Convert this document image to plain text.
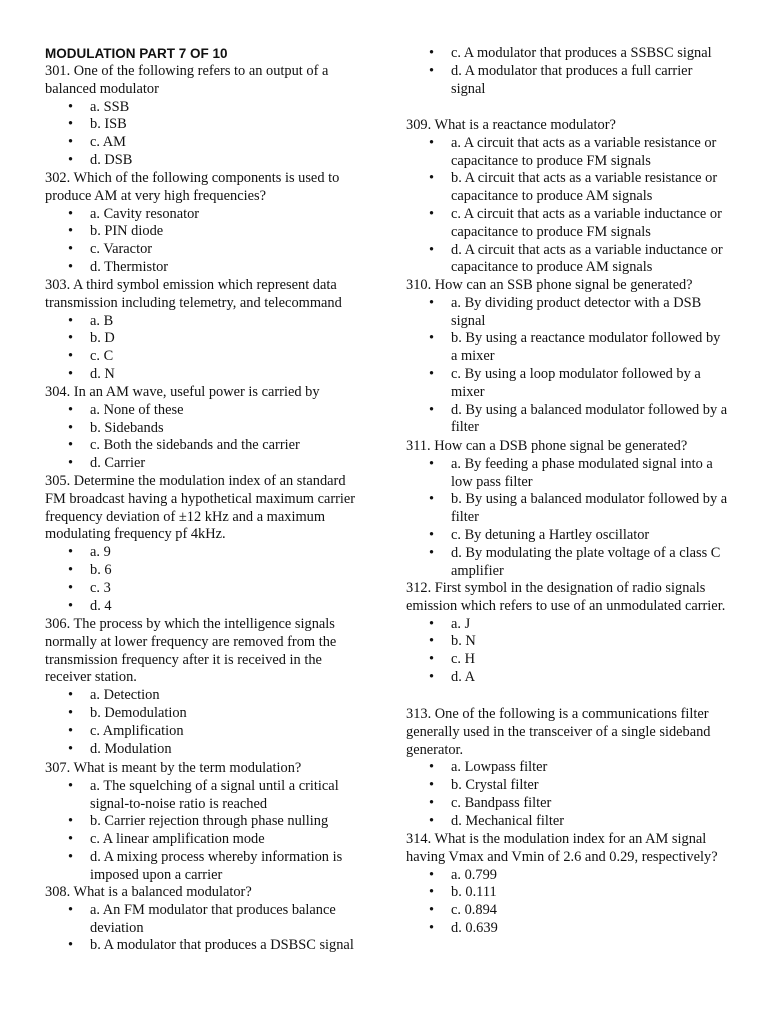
MODULATION PART 7 OF 10
301. One of the following refers to an output of a balanced modulator
• a. SSB
• b. ISB
• c. AM
• d. DSB
302. Which of the following components is used to produce AM at very high frequencies?
• a. Cavity resonator
• b. PIN diode
• c. Varactor
• d. Thermistor
303. A third symbol emission which represent data transmission including telemetry, and telecommand
• a. B
• b. D
• c. C
• d. N
304. In an AM wave, useful power is carried by
• a. None of these
• b. Sidebands
• c. Both the sidebands and the carrier
• d. Carrier
305. Determine the modulation index of an standard FM broadcast having a hypothetical maximum carrier frequency deviation of ±12 kHz and a maximum modulating frequency pf 4kHz.
• a. 9
• b. 6
• c. 3
• d. 4
306. The process by which the intelligence signals normally at lower frequency are removed from the transmission frequency after it is received in the receiver station.
• a. Detection
• b. Demodulation
• c. Amplification
• d. Modulation
307. What is meant by the term modulation?
• a. The squelching of a signal until a critical signal-to-noise ratio is reached
• b. Carrier rejection through phase nulling
• c. A linear amplification mode
• d. A mixing process whereby information is imposed upon a carrier
308. What is a balanced modulator?
• a. An FM modulator that produces balance deviation
• b. A modulator that produces a DSBSC signal
• c. A modulator that produces a SSBSC signal
• d. A modulator that produces a full carrier signal
309. What is a reactance modulator?
• a. A circuit that acts as a variable resistance or capacitance to produce FM signals
• b. A circuit that acts as a variable resistance or capacitance to produce AM signals
• c. A circuit that acts as a variable inductance or capacitance to produce FM signals
• d. A circuit that acts as a variable inductance or capacitance to produce AM signals
310. How can an SSB phone signal be generated?
• a. By dividing product detector with a DSB signal
• b. By using a reactance modulator followed by a mixer
• c. By using a loop modulator followed by a mixer
• d. By using a balanced modulator followed by a filter
311. How can a DSB phone signal be generated?
• a. By feeding a phase modulated signal into a low pass filter
• b. By using a balanced modulator followed by a filter
• c. By detuning a Hartley oscillator
• d. By modulating the plate voltage of a class C amplifier
312. First symbol in the designation of radio signals emission which refers to use of an unmodulated carrier.
• a. J
• b. N
• c. H
• d. A
313. One of the following is a communications filter generally used in the transceiver of a single sideband generator.
• a. Lowpass filter
• b. Crystal filter
• c. Bandpass filter
• d. Mechanical filter
314. What is the modulation index for an AM signal having Vmax and Vmin of 2.6 and 0.29, respectively?
• a. 0.799
• b. 0.111
• c. 0.894
• d. 0.639
